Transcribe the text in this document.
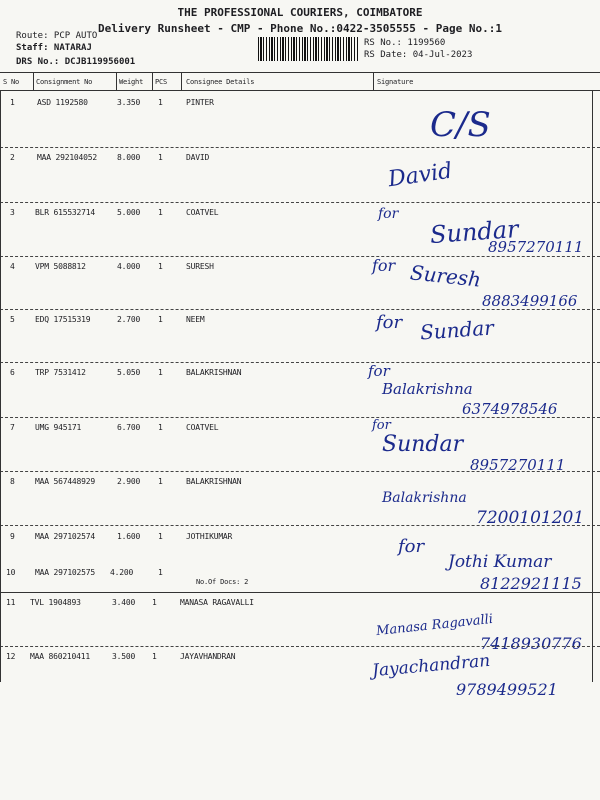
THE PROFESSIONAL COURIERS, COIMBATORE
Delivery Runsheet - CMP - Phone No.:0422-3505555 - Page No.:1
Route: PCP AUTO
Staff: NATARAJ
DRS No.: DCJB119956001
RS No.: 1199560
RS Date: 04-Jul-2023
S No Consignment No	Weight PCS	Consignee Details	Signature
1	ASD 1192580	3.350 1	PINTER
C/S
2	MAA 292104052 8.000 1	DAVID
David
3	BLR 615532714	5.000 1	COATVEL	for
Sundar
8957270111
4	VPM 5088812	4.000 1	SURESH	for Suresh
8883499166
5	EDQ 17515319	2.700 1	NEEM	for Sundar
6	TRP 7531412	5.050 1	BALAKRISHNAN	for
Balakrishna
6374978546
7	UMG 945171	6.700 1	COATVEL	for
Sundar
8957270111
8	MAA 567448929	2.900 1	BALAKRISHNAN
Balakrishna
7200101201
9	MAA 297102574	1.600 1	JOTHIKUMAR	for
Jothi Kumar
8122921115
10 MAA 297102575 4.200	1
No.Of Docs: 2
11 TVL 1904893	3.400 1	MANASA RAGAVALLI
Manasa Ragavalli
7418930776
12 MAA 860210411	3.500 1	JAYAVHANDRAN	Jayachandran
9789499521
